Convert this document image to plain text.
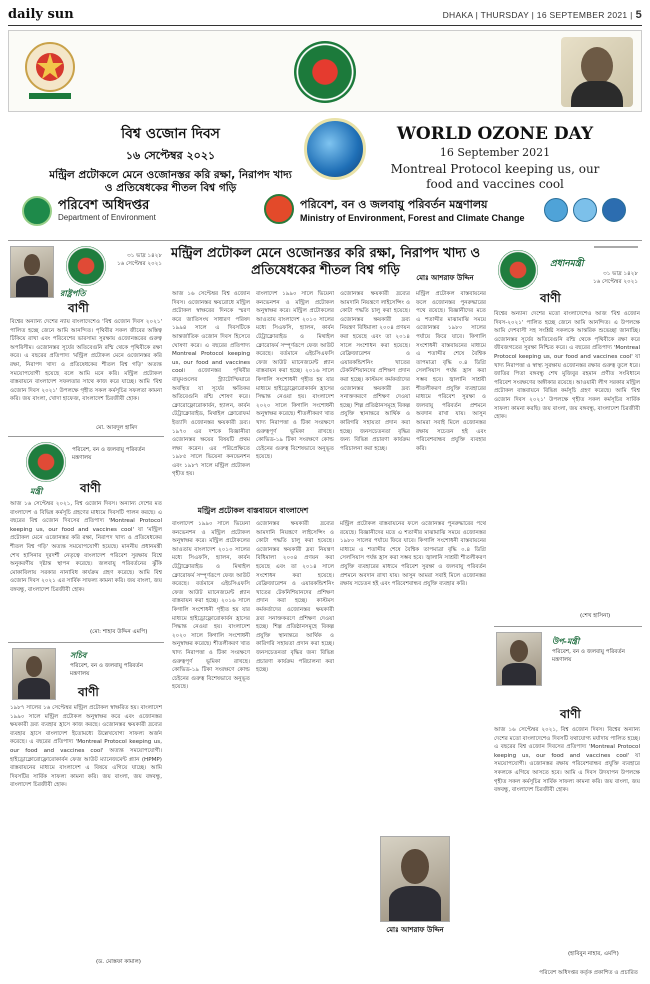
daily sun	DHAKA | THURSDAY | 16 SEPTEMBER 2021 | 5
বিশ্ব ওজোন দিবস
১৬ সেপ্টেম্বর ২০২১
মন্ট্রিল প্রটোকলে মেনে ওজোনস্তর করি রক্ষা, নিরাপদ খাদ্য ও প্রতিষেধকের শীতল বিশ্ব গড়ি
WORLD OZONE DAY
16 September 2021
Montreal Protocol keeping us, our food and vaccines cool
পরিবেশ অধিদপ্তর
Department of Environment
পরিবেশ, বন ও জলবায়ু পরিবর্তন মন্ত্রণালয়
Ministry of Environment, Forest and Climate Change
মন্ট্রিল প্রটোকল মেনে ওজোনস্তর করি রক্ষা, নিরাপদ খাদ্য ও প্রতিষেধকের শীতল বিশ্ব গড়ি
রাষ্ট্রপতি
৩১ ভাদ্র ১৪২৮
১৬ সেপ্টেম্বর ২০২১
বাণী
বিশ্বের অন্যান্য দেশের ন্যায় বাংলাদেশেও 'বিশ্ব ওজোন দিবস ২০২১' পালিত হচ্ছে জেনে আমি আনন্দিত। পৃথিবীর সকল জীবের অস্তিত্ব টিকিয়ে রাখা এবং পরিবেশের ভারসাম্য সুরক্ষায় ওজোনস্তরের গুরুত্ব অপরিসীম। ওজোনস্তর সূর্যের অতিবেগুনি রশ্মি থেকে পৃথিবীকে রক্ষা করে। এ বছরের প্রতিপাদ্য 'মন্ট্রিল প্রটোকল মেনে ওজোনস্তর করি রক্ষা, নিরাপদ খাদ্য ও প্রতিষেধকের শীতল বিশ্ব গড়ি' অত্যন্ত সময়োপযোগী হয়েছে বলে আমি মনে করি। মন্ট্রিল প্রটোকল বাস্তবায়নে বাংলাদেশ সফলতার সাথে কাজ করে যাচ্ছে। আমি 'বিশ্ব ওজোন দিবস ২০২১' উপলক্ষে গৃহীত সকল কর্মসূচির সফলতা কামনা করি। জয় বাংলা, খোদা হাফেজ, বাংলাদেশ চিরজীবী হোক।
মো. আবদুল হামিদ
মন্ত্রী
পরিবেশ, বন ও জলবায়ু পরিবর্তন মন্ত্রণালয়
বাণী
আজ ১৬ সেপ্টেম্বর ২০২১, বিশ্ব ওজোন দিবস। অন্যান্য দেশের মত বাংলাদেশ ও বিভিন্ন কর্মসূচি গ্রহণের মাধ্যমে দিবসটি পালন করছে। এ বছরের বিশ্ব ওজোন দিবসের প্রতিপাদ্য 'Montreal Protocol keeping us, our food and vaccines cool' যা 'মন্ট্রিল প্রটোকল মেনে ওজোনস্তর করি রক্ষা, নিরাপদ খাদ্য ও প্রতিষেধকের শীতল বিশ্ব গড়ি' অত্যন্ত সময়োপযোগী হয়েছে। মাননীয় প্রধানমন্ত্রী শেখ হাসিনার দূরদর্শী নেতৃত্বে বাংলাদেশ পরিবেশ সুরক্ষায় বিশ্বে অনুকরণীয় দৃষ্টান্ত স্থাপন করেছে। জলবায়ু পরিবর্তনের ঝুঁকি মোকাবিলায় সরকার নানাবিধ কার্যক্রম গ্রহণ করেছে। আমি বিশ্ব ওজোন দিবস ২০২১ এর সার্বিক সাফল্য কামনা করি। জয় বাংলা, জয় বঙ্গবন্ধু, বাংলাদেশ চিরজীবী হোক।
(মো: শাহাব উদ্দিন এমপি)
সচিব
পরিবেশ, বন ও জলবায়ু পরিবর্তন মন্ত্রণালয়
বাণী
১৯৮৭ সালের ১৬ সেপ্টেম্বর মন্ট্রিল প্রটোকল স্বাক্ষরিত হয়। বাংলাদেশ ১৯৯০ সালে মন্ট্রিল প্রটোকল অনুস্বাক্ষর করে এবং ওজোনস্তর ক্ষয়কারী দ্রব্য ব্যবহার হ্রাসে কাজ করছে। ওজোনস্তর ক্ষয়কারী দ্রব্যের ব্যবহার হ্রাসে বাংলাদেশ ইতোমধ্যে উল্লেখযোগ্য সাফল্য অর্জন করেছে। এ বছরের প্রতিপাদ্য 'Montreal Protocol keeping us, our food and vaccines cool' অত্যন্ত সময়োপযোগী। হাইড্রোক্লোরোফ্লোরোকার্বন ফেজ আউট ম্যানেজমেন্ট প্ল্যান (HPMP) বাস্তবায়নের মাধ্যমে বাংলাদেশ এ বিষয়ে এগিয়ে যাচ্ছে। আমি দিবসটির সার্বিক সাফল্য কামনা করি। জয় বাংলা, জয় বঙ্গবন্ধু, বাংলাদেশ চিরজীবী হোক।
(ড. মোস্তফা কামাল)
মোঃ আশরাফ উদ্দিন
আজ ১৬ সেপ্টেম্বর বিশ্ব ওজোন দিবস। ওজোনস্তর ক্ষয়রোধে মন্ট্রিল প্রটোকল স্বাক্ষরের দিনকে স্মরণ করে জাতিসংঘ সাধারণ পরিষদ ১৯৯৪ সালে এ দিবসটিকে আন্তর্জাতিক ওজোন দিবস হিসেবে ঘোষণা করে। এ বছরের প্রতিপাদ্য Montreal Protocol keeping us, our food and vaccines cool। ওজোনস্তর পৃথিবীর বায়ুমণ্ডলের স্ট্র্যাটোস্ফিয়ারে অবস্থিত যা সূর্যের ক্ষতিকর অতিবেগুনি রশ্মি শোষণ করে। ক্লোরোফ্লোরোকার্বন, হ্যালন, কার্বন টেট্রাক্লোরাইড, মিথাইল ক্লোরোফর্ম ইত্যাদি ওজোনস্তর ক্ষয়কারী দ্রব্য। ১৯৭০ এর দশকে বিজ্ঞানীরা ওজোনস্তর ক্ষয়ের বিষয়টি প্রথম লক্ষ্য করেন। এর পরিপ্রেক্ষিতে ১৯৮৫ সালে ভিয়েনা কনভেনশন এবং ১৯৮৭ সালে মন্ট্রিল প্রটোকল গৃহীত হয়।
বাংলাদেশ ১৯৯০ সালে ভিয়েনা কনভেনশন ও মন্ট্রিল প্রটোকল অনুস্বাক্ষর করে। মন্ট্রিল প্রটোকলের আওতায় বাংলাদেশ ২০১০ সালের মধ্যে সিএফসি, হ্যালন, কার্বন টেট্রাক্লোরাইড ও মিথাইল ক্লোরোফর্ম সম্পূর্ণরূপে ফেজ আউট করেছে। বর্তমানে এইচসিএফসি ফেজ আউট ম্যানেজমেন্ট প্ল্যান বাস্তবায়ন করা হচ্ছে। ২০১৬ সালে কিগালি সংশোধনী গৃহীত হয় যার মাধ্যমে হাইড্রোফ্লোরোকার্বন হ্রাসের সিদ্ধান্ত নেওয়া হয়। বাংলাদেশ ২০২০ সালে কিগালি সংশোধনী অনুস্বাক্ষর করেছে। শীতলীকরণ খাত খাদ্য নিরাপত্তা ও টিকা সংরক্ষণে গুরুত্বপূর্ণ ভূমিকা রাখছে। কোভিড-১৯ টিকা সংরক্ষণে কোল্ড চেইনের গুরুত্ব বিশেষভাবে অনুভূত হয়েছে।
ওজোনস্তর ক্ষয়কারী দ্রব্যের আমদানি নিয়ন্ত্রণে লাইসেন্সিং ও কোটা পদ্ধতি চালু করা হয়েছে। ওজোনস্তর ক্ষয়কারী দ্রব্য নিয়ন্ত্রণ বিধিমালা ২০০৪ প্রণয়ন করা হয়েছে এবং তা ২০১৪ সালে সংশোধন করা হয়েছে। রেফ্রিজারেশন ও এয়ারকন্ডিশনিং খাতের টেকনিশিয়ানদের প্রশিক্ষণ প্রদান করা হচ্ছে। কাস্টমস কর্মকর্তাদের ওজোনস্তর ক্ষয়কারী দ্রব্য সনাক্তকরণে প্রশিক্ষণ দেওয়া হচ্ছে। শিল্প প্রতিষ্ঠানসমূহে বিকল্প প্রযুক্তি স্থানান্তরে আর্থিক ও কারিগরি সহায়তা প্রদান করা হচ্ছে। জনসচেতনতা বৃদ্ধির জন্য বিভিন্ন প্রচারণা কার্যক্রম পরিচালনা করা হচ্ছে।
মন্ট্রিল প্রটোকল বাস্তবায়নের ফলে ওজোনস্তর পুনরুদ্ধারের পথে রয়েছে। বিজ্ঞানীদের মতে এ শতাব্দীর মাঝামাঝি সময়ে ওজোনস্তর ১৯৮০ সালের পর্যায়ে ফিরে যাবে। কিগালি সংশোধনী বাস্তবায়নের মাধ্যমে এ শতাব্দীর শেষে বৈশ্বিক তাপমাত্রা বৃদ্ধি ০.৪ ডিগ্রি সেলসিয়াস পর্যন্ত হ্রাস করা সম্ভব হবে। জ্বালানি সাশ্রয়ী শীতলীকরণ প্রযুক্তি ব্যবহারের মাধ্যমে পরিবেশ সুরক্ষা ও জলবায়ু পরিবর্তন প্রশমনে অবদান রাখা যায়। আসুন আমরা সবাই মিলে ওজোনস্তর রক্ষায় সচেতন হই এবং পরিবেশবান্ধব প্রযুক্তি ব্যবহার করি।
মন্ট্রিল প্রটোকল বাস্তবায়নে বাংলাদেশ
বাংলাদেশ ১৯৯০ সালে ভিয়েনা কনভেনশন ও মন্ট্রিল প্রটোকল অনুস্বাক্ষর করে। মন্ট্রিল প্রটোকলের আওতায় বাংলাদেশ ২০১০ সালের মধ্যে সিএফসি, হ্যালন, কার্বন টেট্রাক্লোরাইড ও মিথাইল ক্লোরোফর্ম সম্পূর্ণরূপে ফেজ আউট করেছে। বর্তমানে এইচসিএফসি ফেজ আউট ম্যানেজমেন্ট প্ল্যান বাস্তবায়ন করা হচ্ছে। ২০১৬ সালে কিগালি সংশোধনী গৃহীত হয় যার মাধ্যমে হাইড্রোফ্লোরোকার্বন হ্রাসের সিদ্ধান্ত নেওয়া হয়। বাংলাদেশ ২০২০ সালে কিগালি সংশোধনী অনুস্বাক্ষর করেছে। শীতলীকরণ খাত খাদ্য নিরাপত্তা ও টিকা সংরক্ষণে গুরুত্বপূর্ণ ভূমিকা রাখছে। কোভিড-১৯ টিকা সংরক্ষণে কোল্ড চেইনের গুরুত্ব বিশেষভাবে অনুভূত হয়েছে।
ওজোনস্তর ক্ষয়কারী দ্রব্যের আমদানি নিয়ন্ত্রণে লাইসেন্সিং ও কোটা পদ্ধতি চালু করা হয়েছে। ওজোনস্তর ক্ষয়কারী দ্রব্য নিয়ন্ত্রণ বিধিমালা ২০০৪ প্রণয়ন করা হয়েছে এবং তা ২০১৪ সালে সংশোধন করা হয়েছে। রেফ্রিজারেশন ও এয়ারকন্ডিশনিং খাতের টেকনিশিয়ানদের প্রশিক্ষণ প্রদান করা হচ্ছে। কাস্টমস কর্মকর্তাদের ওজোনস্তর ক্ষয়কারী দ্রব্য সনাক্তকরণে প্রশিক্ষণ দেওয়া হচ্ছে। শিল্প প্রতিষ্ঠানসমূহে বিকল্প প্রযুক্তি স্থানান্তরে আর্থিক ও কারিগরি সহায়তা প্রদান করা হচ্ছে। জনসচেতনতা বৃদ্ধির জন্য বিভিন্ন প্রচারণা কার্যক্রম পরিচালনা করা হচ্ছে।
মন্ট্রিল প্রটোকল বাস্তবায়নের ফলে ওজোনস্তর পুনরুদ্ধারের পথে রয়েছে। বিজ্ঞানীদের মতে এ শতাব্দীর মাঝামাঝি সময়ে ওজোনস্তর ১৯৮০ সালের পর্যায়ে ফিরে যাবে। কিগালি সংশোধনী বাস্তবায়নের মাধ্যমে এ শতাব্দীর শেষে বৈশ্বিক তাপমাত্রা বৃদ্ধি ০.৪ ডিগ্রি সেলসিয়াস পর্যন্ত হ্রাস করা সম্ভব হবে। জ্বালানি সাশ্রয়ী শীতলীকরণ প্রযুক্তি ব্যবহারের মাধ্যমে পরিবেশ সুরক্ষা ও জলবায়ু পরিবর্তন প্রশমনে অবদান রাখা যায়। আসুন আমরা সবাই মিলে ওজোনস্তর রক্ষায় সচেতন হই এবং পরিবেশবান্ধব প্রযুক্তি ব্যবহার করি।
মোঃ আশরাফ উদ্দিন
প্রধানমন্ত্রী
৩১ ভাদ্র ১৪২৮
১৬ সেপ্টেম্বর ২০২১
বাণী
বিশ্বের অন্যান্য দেশের মতো বাংলাদেশেও আজ 'বিশ্ব ওজোন দিবস-২০২১' পালিত হচ্ছে জেনে আমি আনন্দিত। এ উপলক্ষে আমি দেশবাসী সহ সংশ্লিষ্ট সকলকে আন্তরিক শুভেচ্ছা জানাচ্ছি। ওজোনস্তর সূর্যের অতিবেগুনি রশ্মি থেকে পৃথিবীকে রক্ষা করে জীবজগতের সুরক্ষা নিশ্চিত করে। এ বছরের প্রতিপাদ্য 'Montreal Protocol keeping us, our food and vaccines cool' যা খাদ্য নিরাপত্তা ও স্বাস্থ্য সুরক্ষায় ওজোনস্তর রক্ষার গুরুত্ব তুলে ধরে। জাতির পিতা বঙ্গবন্ধু শেখ মুজিবুর রহমান প্রণীত সংবিধানে পরিবেশ সংরক্ষণের অঙ্গীকার রয়েছে। আওয়ামী লীগ সরকার মন্ট্রিল প্রটোকল বাস্তবায়নে বিভিন্ন কর্মসূচি গ্রহণ করেছে। আমি 'বিশ্ব ওজোন দিবস ২০২১' উপলক্ষে গৃহীত সকল কর্মসূচির সার্বিক সাফল্য কামনা করছি। জয় বাংলা, জয় বঙ্গবন্ধু, বাংলাদেশ চিরজীবী হোক।
(শেখ হাসিনা)
উপ-মন্ত্রী
পরিবেশ, বন ও জলবায়ু পরিবর্তন মন্ত্রণালয়
বাণী
আজ ১৬ সেপ্টেম্বর ২০২১, বিশ্ব ওজোন দিবস। বিশ্বের অন্যান্য দেশের মতো বাংলাদেশেও দিবসটি যথাযোগ্য মর্যাদায় পালিত হচ্ছে। এ বছরের বিশ্ব ওজোন দিবসের প্রতিপাদ্য 'Montreal Protocol keeping us, our food and vaccines cool' যা সময়োপযোগী। ওজোনস্তর রক্ষায় পরিবেশবান্ধব প্রযুক্তি ব্যবহারে সকলকে এগিয়ে আসতে হবে। আমি এ দিবস উদযাপন উপলক্ষে গৃহীত সকল কর্মসূচির সার্বিক সাফল্য কামনা করি। জয় বাংলা, জয় বঙ্গবন্ধু, বাংলাদেশ চিরজীবী হোক।
(হাবিবুন নাহার, এমপি)
পরিবেশ অধিদপ্তর কর্তৃক প্রকাশিত ও প্রচারিত
